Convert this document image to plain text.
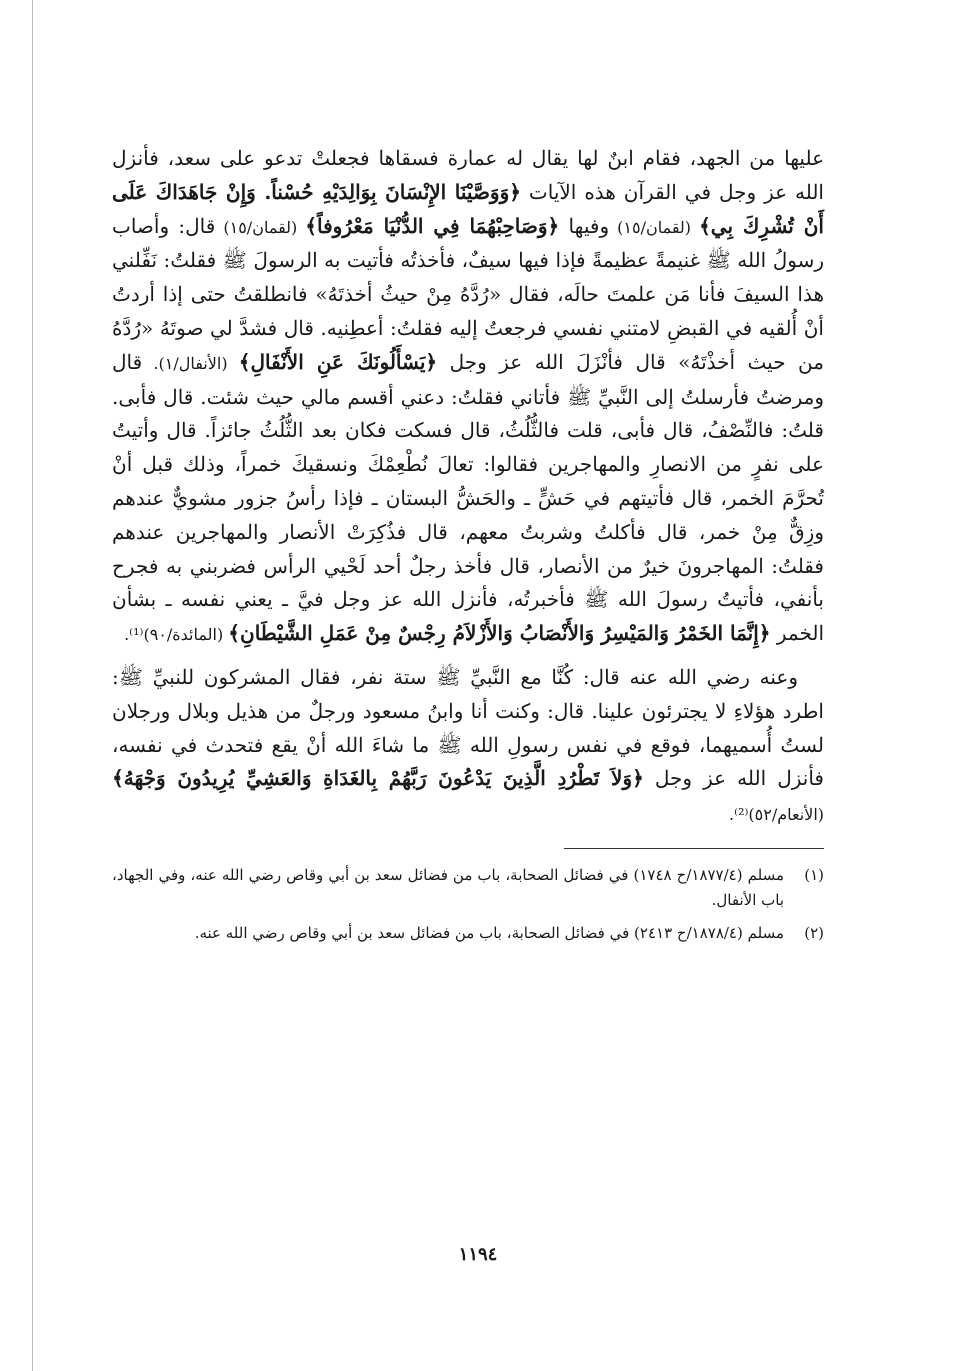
عليها من الجهد، فقام ابنٌ لها يقال له عمارة فسقاها فجعلتْ تدعو على سعد، فأنزل الله عز وجل في القرآن هذه الآيات ﴿وَوَصَّيْنَا الإِنْسَانَ بِوَالِدَيْهِ حُسْناً. وَإِنْ جَاهَدَاكَ عَلَى أَنْ تُشْرِكَ بِي﴾ (لقمان/١٥) وفيها ﴿وَصَاحِبْهُمَا فِي الدُّنْيَا مَعْرُوفاً﴾ (لقمان/١٥) قال: وأصاب رسولُ الله ﷺ غنيمةً عظيمةً فإذا فيها سيفٌ، فأخذتُه فأتيت به الرسولَ ﷺ فقلتُ: نَفِّلني هذا السيفَ فأنا مَن علمتَ حالَه، فقال «رُدَّهُ مِنْ حيثُ أخذتَهُ» فانطلقتُ حتى إذا أردتُ أنْ أُلقيه في القبضِ لامتني نفسي فرجعتُ إليه فقلتُ: أعطِنيه. قال فشدَّ لي صوتَهُ «رُدَّهُ من حيث أخذْتَهُ» قال فأنْزَلَ الله عز وجل ﴿يَسْأَلُونَكَ عَنِ الأَنْفَالِ﴾ (الأنفال/١). قال ومرضتُ فأرسلتُ إلى النَّبيِّ ﷺ فأتاني فقلتُ: دعني أقسم مالي حيث شئت. قال فأبى. قلتُ: فالنِّصْفُ، قال فأبى، قلت فالثُّلُثُ، قال فسكت فكان بعد الثُّلُثُ جائزاً. قال وأتيتُ على نفرٍ من الانصارِ والمهاجرين فقالوا: تعالَ نُطْعِمْكَ ونسقيكَ خمراً، وذلك قبل أنْ تُحرَّمَ الخمر، قال فأتيتهم في حَشٍّ ـ والحَشُّ البستان ـ فإذا رأسُ جزور مشويٌّ عندهم وزِقٌّ مِنْ خمر، قال فأكلتُ وشربتُ معهم، قال فذُكِرَتْ الأنصار والمهاجرين عندهم فقلتُ: المهاجرونَ خيرٌ من الأنصار، قال فأخذ رجلٌ أحد لَحْيي الرأس فضربني به فجرح بأنفي، فأتيتُ رسولَ الله ﷺ فأخبرتُه، فأنزل الله عز وجل فيَّ ـ يعني نفسه ـ بشأن الخمر ﴿إِنَّمَا الخَمْرُ وَالمَيْسِرُ وَالأَنْصَابُ وَالأَزْلاَمُ رِجْسٌ مِنْ عَمَلِ الشَّيْطَانِ﴾ (المائدة/٩٠)⁽¹⁾.

وعنه رضي الله عنه قال: كُنَّا مع النَّبيِّ ﷺ ستة نفر، فقال المشركون للنبيِّ ﷺ: اطرد هؤلاءِ لا يجترئون علينا. قال: وكنت أنا وابنُ مسعود ورجلٌ من هذيل وبلال ورجلان لستُ أُسميهما، فوقع في نفس رسولِ الله ﷺ ما شاءَ الله أنْ يقع فتحدث في نفسه، فأنزل الله عز وجل ﴿وَلاَ تَطْرُدِ الَّذِينَ يَدْعُونَ رَبَّهُمْ بِالغَدَاةِ وَالعَشِيِّ يُرِيدُونَ وَجْهَهُ﴾ (الأنعام/٥٢)⁽²⁾.

(١)
مسلم (١٨٧٧/٤/ح ١٧٤٨) في فضائل الصحابة، باب من فضائل سعد بن أبي وقاص رضي الله عنه، وفي الجهاد، باب الأنفال.
(٢)
مسلم (١٨٧٨/٤/ح ٢٤١٣) في فضائل الصحابة، باب من فضائل سعد بن أبي وقاص رضي الله عنه.
١١٩٤
